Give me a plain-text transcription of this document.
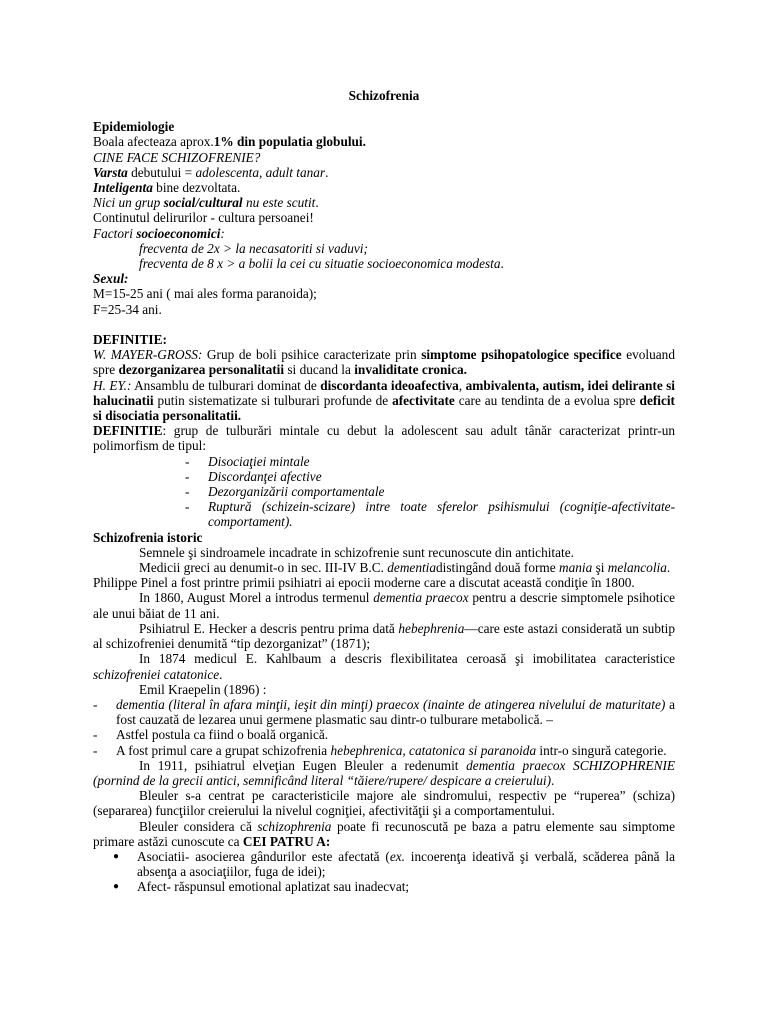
Schizofrenia

Epidemiologie

Boala afecteaza aprox.1% din populatia globului.

CINE FACE SCHIZOFRENIE?

Varsta debutului = adolescenta, adult tanar.

Inteligenta bine dezvoltata.

Nici un grup social/cultural nu este scutit.

Continutul delirurilor - cultura persoanei!

Factori socioeconomici:

frecventa de 2x > la necasatoriti si vaduvi;

frecventa de 8 x > a bolii la cei cu situatie socioeconomica modesta.

Sexul:

M=15-25 ani ( mai ales forma paranoida);

F=25-34 ani.

DEFINITIE:

W. MAYER-GROSS: Grup de boli psihice caracterizate prin simptome psihopatologice specifice evoluand spre dezorganizarea personalitatii si ducand la invaliditate cronica.

H. EY.: Ansamblu de tulburari dominat de discordanta ideoafectiva, ambivalenta, autism, idei delirante si halucinatii putin sistematizate si tulburari profunde de afectivitate care au tendinta de a evolua spre deficit si disociatia personalitatii.

DEFINITIE: grup de tulburări mintale cu debut la adolescent sau adult tânăr caracterizat printr-un polimorfism de tipul:

-	Disociaţiei mintale
-	Discordanţei afective
-	Dezorganizării comportamentale
-	Ruptură (schizein-scizare) intre toate sferelor psihismului (cogniţie-afectivitate-comportament).

Schizofrenia istoric

Semnele şi sindroamele incadrate in schizofrenie sunt recunoscute din antichitate.

Medicii greci au denumit-o in sec. III-IV B.C. dementiadistingând două forme mania şi melancolia.

Philippe Pinel a fost printre primii psihiatri ai epocii moderne care a discutat această condiţie în 1800.

In 1860, August Morel a introdus termenul dementia praecox pentru a descrie simptomele psihotice ale unui băiat de 11 ani.

Psihiatrul E. Hecker a descris pentru prima dată hebephrenia—care este astazi considerată un subtip al schizofreniei denumită “tip dezorganizat” (1871);

In 1874 medicul E. Kahlbaum a descris flexibilitatea ceroasă şi imobilitatea caracteristice schizofreniei catatonice.

Emil Kraepelin (1896) :

-	dementia (literal în afara minţii, ieşit din minţi) praecox (inainte de atingerea nivelului de maturitate) a fost cauzată de lezarea unui germene plasmatic sau dintr-o tulburare metabolică. –
-	Astfel postula ca fiind o boală organică.
-	A fost primul care a grupat schizofrenia hebephrenica, catatonica si paranoida intr-o singură categorie.

In 1911, psihiatrul elveţian Eugen Bleuler a redenumit dementia praecox SCHIZOPHRENIE (pornind de la grecii antici, semnificând literal “tăiere/rupere/ despicare a creierului).

Bleuler s-a centrat pe caracteristicile majore ale sindromului, respectiv pe “ruperea” (schiza) (separarea) funcţiilor creierului la nivelul cogniţiei, afectivităţii şi a comportamentului.

Bleuler considera că schizophrenia poate fi recunoscută pe baza a patru elemente sau simptome primare astăzi cunoscute ca CEI PATRU A:

●	Asociatii- asocierea gândurilor este afectată (ex. incoerenţa ideativă şi verbală, scăderea până la absenţa a asociaţiilor, fuga de idei);
●	Afect- răspunsul emotional aplatizat sau inadecvat;
